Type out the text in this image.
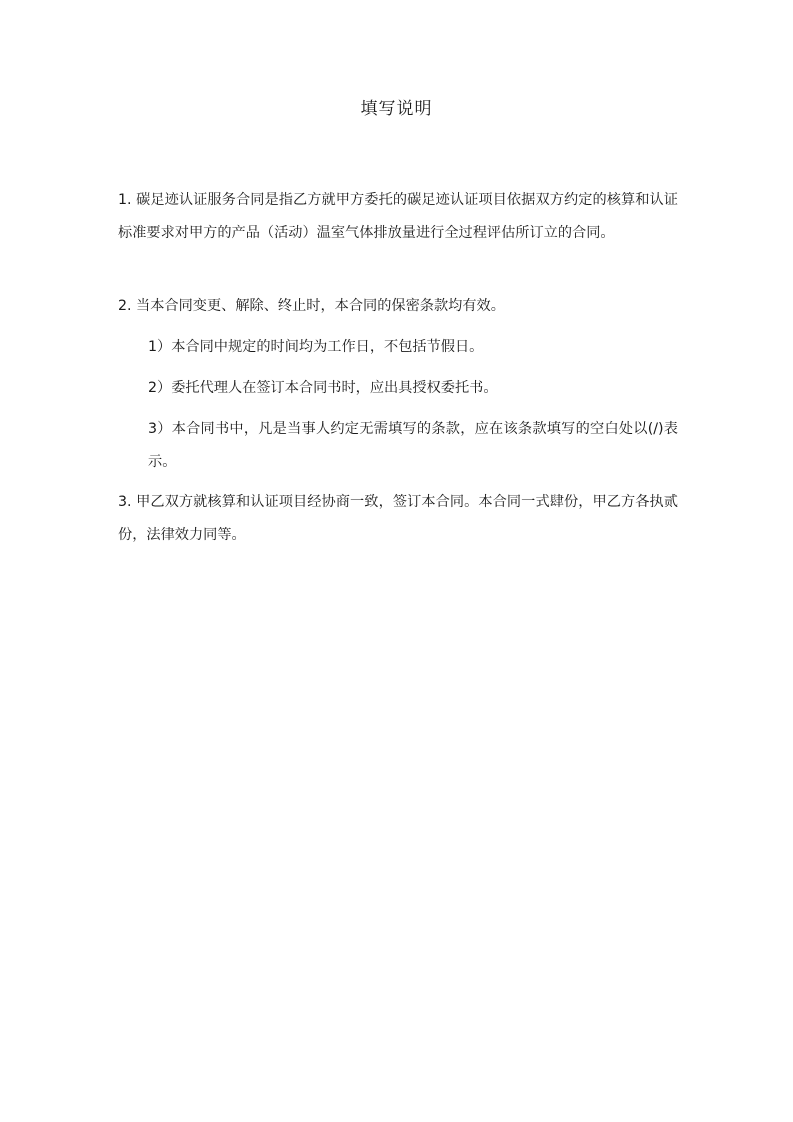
填写说明
1. 碳足迹认证服务合同是指乙方就甲方委托的碳足迹认证项目依据双方约定的核算和认证标准要求对甲方的产品（活动）温室气体排放量进行全过程评估所订立的合同。
2. 当本合同变更、解除、终止时，本合同的保密条款均有效。
1）本合同中规定的时间均为工作日，不包括节假日。
2）委托代理人在签订本合同书时，应出具授权委托书。
3）本合同书中，凡是当事人约定无需填写的条款，应在该条款填写的空白处以(/)表示。
3. 甲乙双方就核算和认证项目经协商一致，签订本合同。本合同一式肆份，甲乙方各执贰份，法律效力同等。
